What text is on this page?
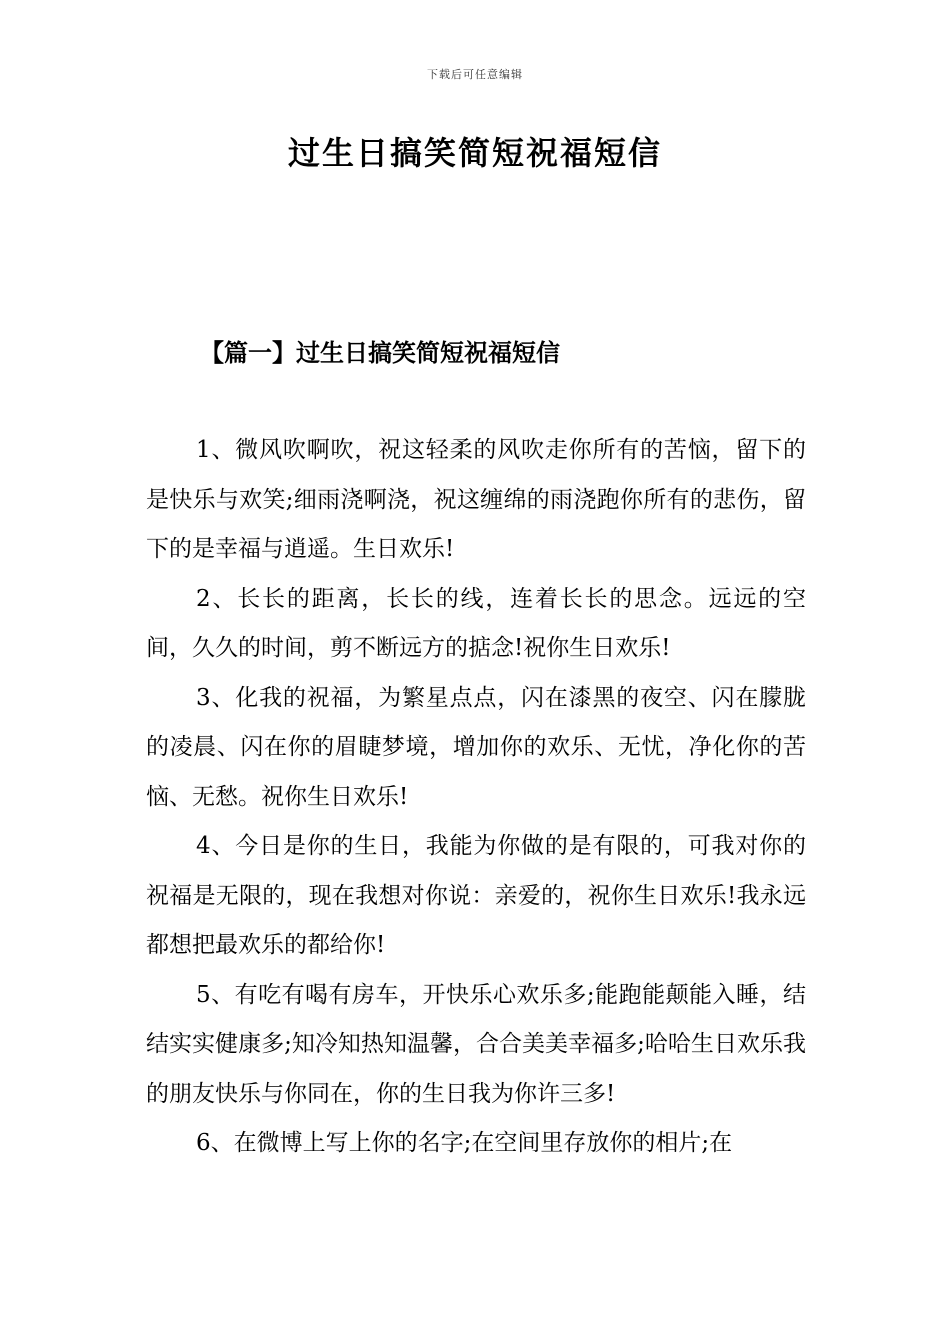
下载后可任意编辑
过生日搞笑简短祝福短信
【篇一】过生日搞笑简短祝福短信

1、微风吹啊吹，祝这轻柔的风吹走你所有的苦恼，留下的是快乐与欢笑;细雨浇啊浇，祝这缠绵的雨浇跑你所有的悲伤，留下的是幸福与逍遥。生日欢乐!

2、长长的距离，长长的线，连着长长的思念。远远的空间，久久的时间，剪不断远方的掂念!祝你生日欢乐!

3、化我的祝福，为繁星点点，闪在漆黑的夜空、闪在朦胧的凌晨、闪在你的眉睫梦境，增加你的欢乐、无忧，净化你的苦恼、无愁。祝你生日欢乐!

4、今日是你的生日，我能为你做的是有限的，可我对你的祝福是无限的，现在我想对你说：亲爱的，祝你生日欢乐!我永远都想把最欢乐的都给你!

5、有吃有喝有房车，开快乐心欢乐多;能跑能颠能入睡，结结实实健康多;知冷知热知温馨，合合美美幸福多;哈哈生日欢乐我的朋友快乐与你同在，你的生日我为你许三多!

6、在微博上写上你的名字;在空间里存放你的相片;在
